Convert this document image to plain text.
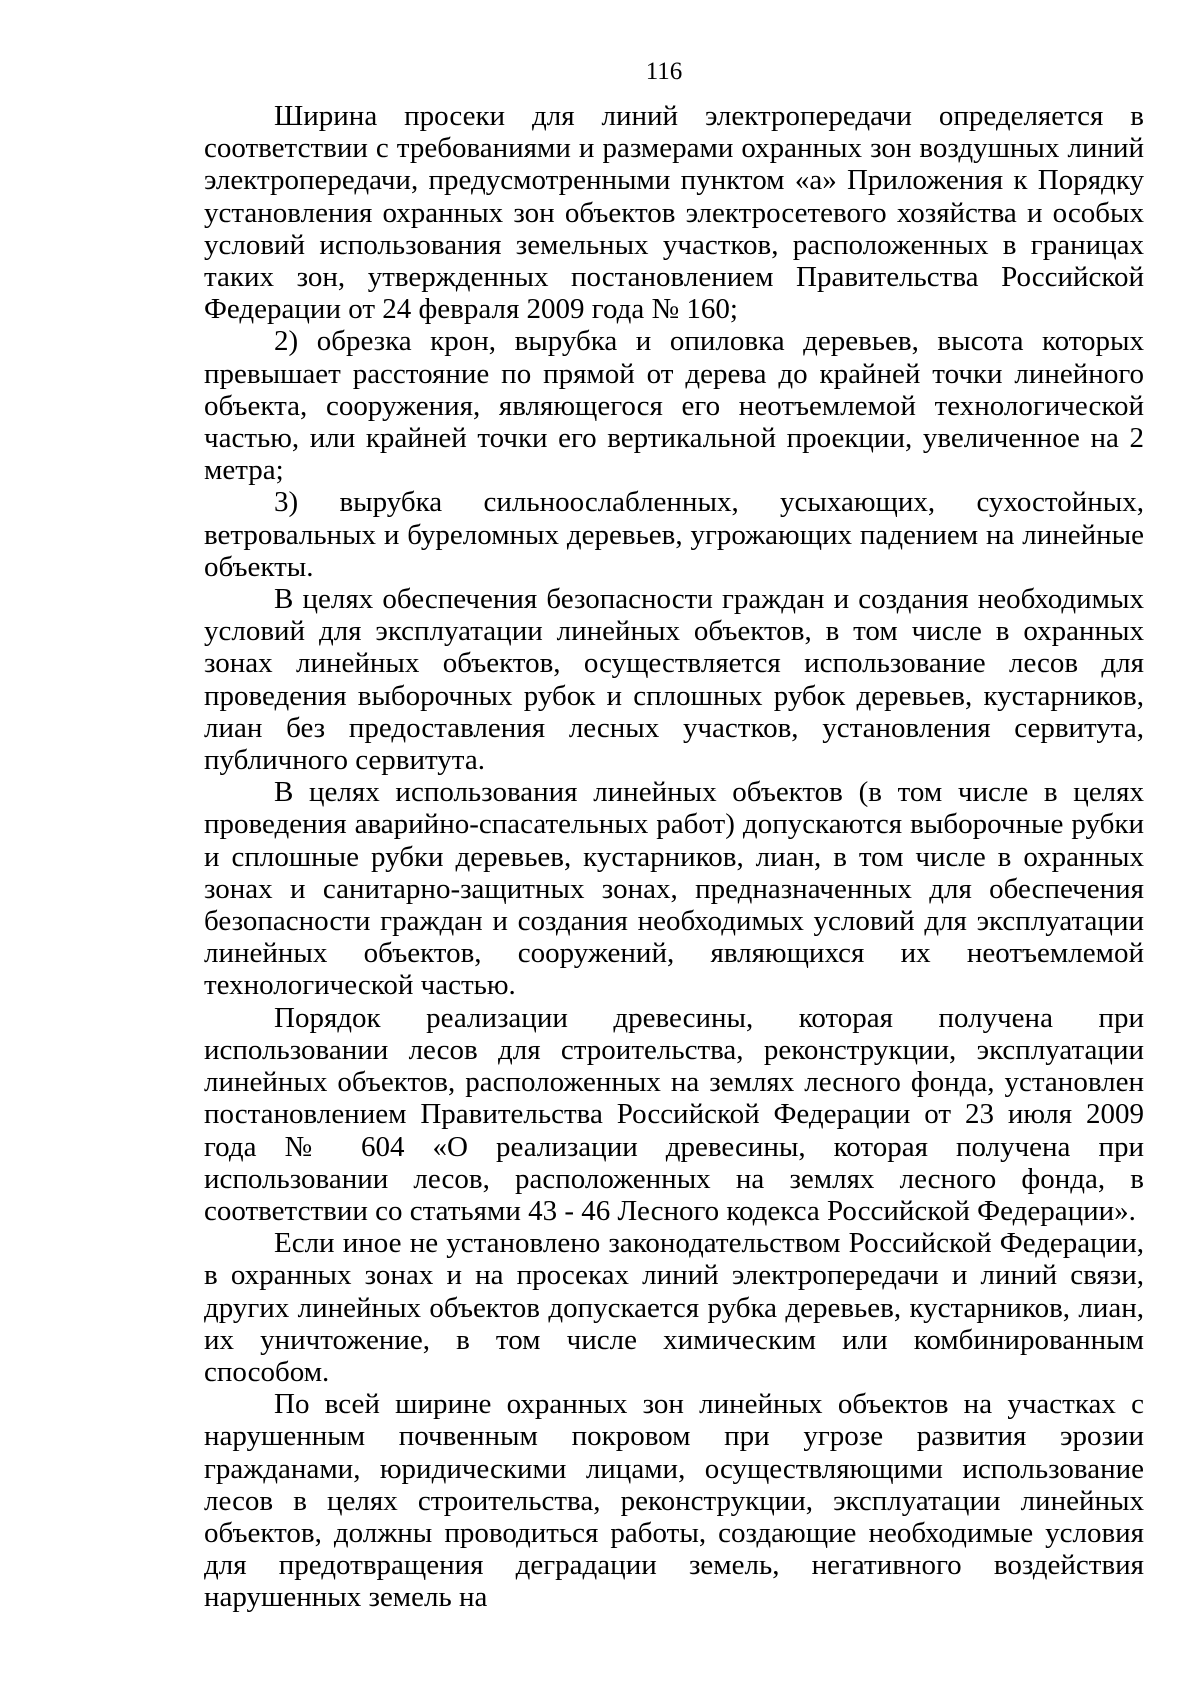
116

Ширина просеки для линий электропередачи определяется в соответствии с требованиями и размерами охранных зон воздушных линий электропередачи, предусмотренными пунктом «а» Приложения к Порядку установления охранных зон объектов электросетевого хозяйства и особых условий использования земельных участков, расположенных в границах таких зон, утвержденных постановлением Правительства Российской Федерации от 24 февраля 2009 года № 160;

2) обрезка крон, вырубка и опиловка деревьев, высота которых превышает расстояние по прямой от дерева до крайней точки линейного объекта, сооружения, являющегося его неотъемлемой технологической частью, или крайней точки его вертикальной проекции, увеличенное на 2 метра;

3) вырубка сильноослабленных, усыхающих, сухостойных, ветровальных и буреломных деревьев, угрожающих падением на линейные объекты.

В целях обеспечения безопасности граждан и создания необходимых условий для эксплуатации линейных объектов, в том числе в охранных зонах линейных объектов, осуществляется использование лесов для проведения выборочных рубок и сплошных рубок деревьев, кустарников, лиан без предоставления лесных участков, установления сервитута, публичного сервитута.

В целях использования линейных объектов (в том числе в целях проведения аварийно-спасательных работ) допускаются выборочные рубки и сплошные рубки деревьев, кустарников, лиан, в том числе в охранных зонах и санитарно-защитных зонах, предназначенных для обеспечения безопасности граждан и создания необходимых условий для эксплуатации линейных объектов, сооружений, являющихся их неотъемлемой технологической частью.

Порядок реализации древесины, которая получена при использовании лесов для строительства, реконструкции, эксплуатации линейных объектов, расположенных на землях лесного фонда, установлен постановлением Правительства Российской Федерации от 23 июля 2009 года № 604 «О реализации древесины, которая получена при использовании лесов, расположенных на землях лесного фонда, в соответствии со статьями 43 - 46 Лесного кодекса Российской Федерации».

Если иное не установлено законодательством Российской Федерации, в охранных зонах и на просеках линий электропередачи и линий связи, других линейных объектов допускается рубка деревьев, кустарников, лиан, их уничтожение, в том числе химическим или комбинированным способом.

По всей ширине охранных зон линейных объектов на участках с нарушенным почвенным покровом при угрозе развития эрозии гражданами, юридическими лицами, осуществляющими использование лесов в целях строительства, реконструкции, эксплуатации линейных объектов, должны проводиться работы, создающие необходимые условия для предотвращения деградации земель, негативного воздействия нарушенных земель на
